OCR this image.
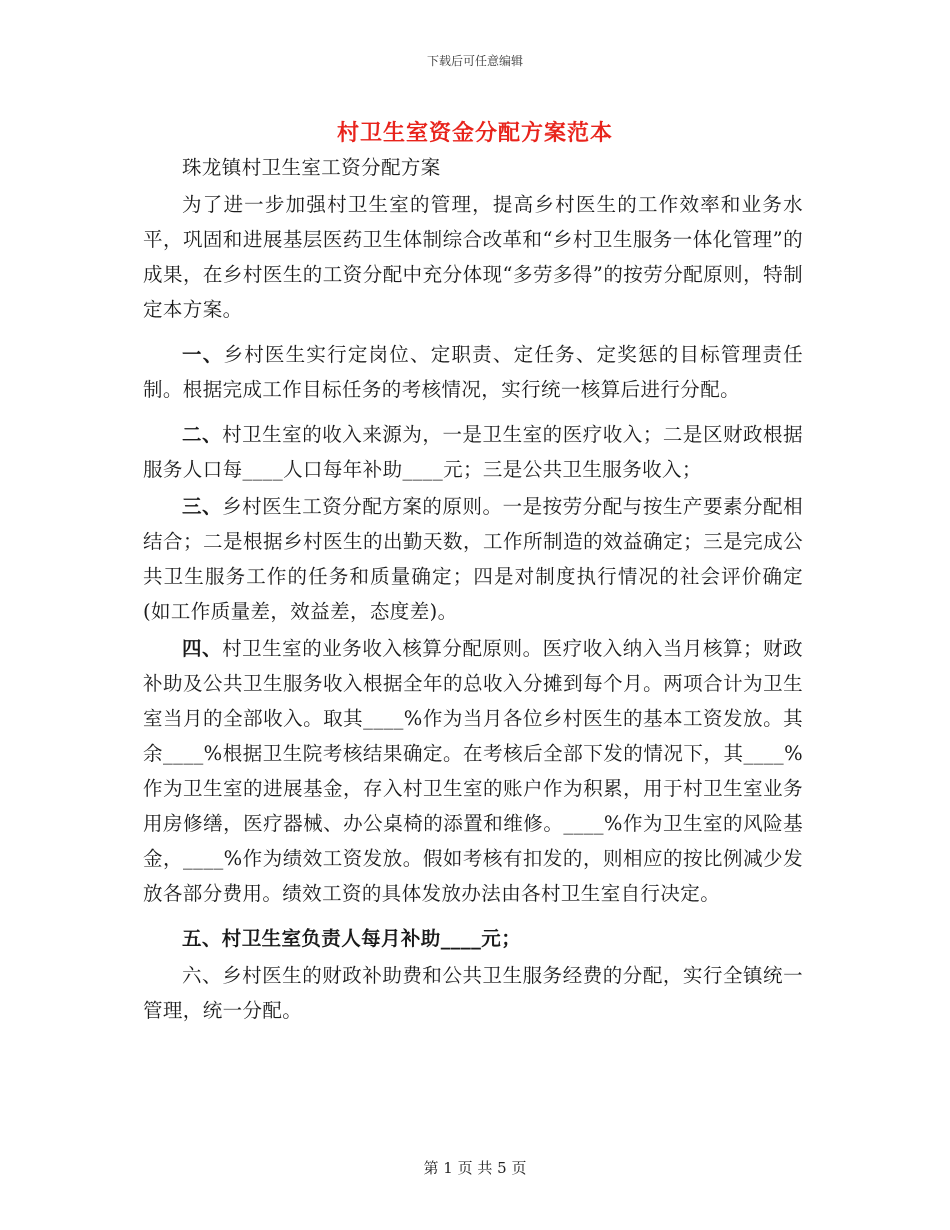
下载后可任意编辑
村卫生室资金分配方案范本

珠龙镇村卫生室工资分配方案

为了进一步加强村卫生室的管理，提高乡村医生的工作效率和业务水平，巩固和进展基层医药卫生体制综合改革和“乡村卫生服务一体化管理”的成果，在乡村医生的工资分配中充分体现“多劳多得”的按劳分配原则，特制定本方案。

一、乡村医生实行定岗位、定职责、定任务、定奖惩的目标管理责任制。根据完成工作目标任务的考核情况，实行统一核算后进行分配。

二、村卫生室的收入来源为，一是卫生室的医疗收入；二是区财政根据服务人口每____人口每年补助____元；三是公共卫生服务收入；

三、乡村医生工资分配方案的原则。一是按劳分配与按生产要素分配相结合；二是根据乡村医生的出勤天数，工作所制造的效益确定；三是完成公共卫生服务工作的任务和质量确定；四是对制度执行情况的社会评价确定(如工作质量差，效益差，态度差)。

四、村卫生室的业务收入核算分配原则。医疗收入纳入当月核算；财政补助及公共卫生服务收入根据全年的总收入分摊到每个月。两项合计为卫生室当月的全部收入。取其____%作为当月各位乡村医生的基本工资发放。其余____%根据卫生院考核结果确定。在考核后全部下发的情况下，其____%作为卫生室的进展基金，存入村卫生室的账户作为积累，用于村卫生室业务用房修缮，医疗器械、办公桌椅的添置和维修。____%作为卫生室的风险基金，____%作为绩效工资发放。假如考核有扣发的，则相应的按比例减少发放各部分费用。绩效工资的具体发放办法由各村卫生室自行决定。

五、村卫生室负责人每月补助____元；

六、乡村医生的财政补助费和公共卫生服务经费的分配，实行全镇统一管理，统一分配。

第 1 页 共 5 页
